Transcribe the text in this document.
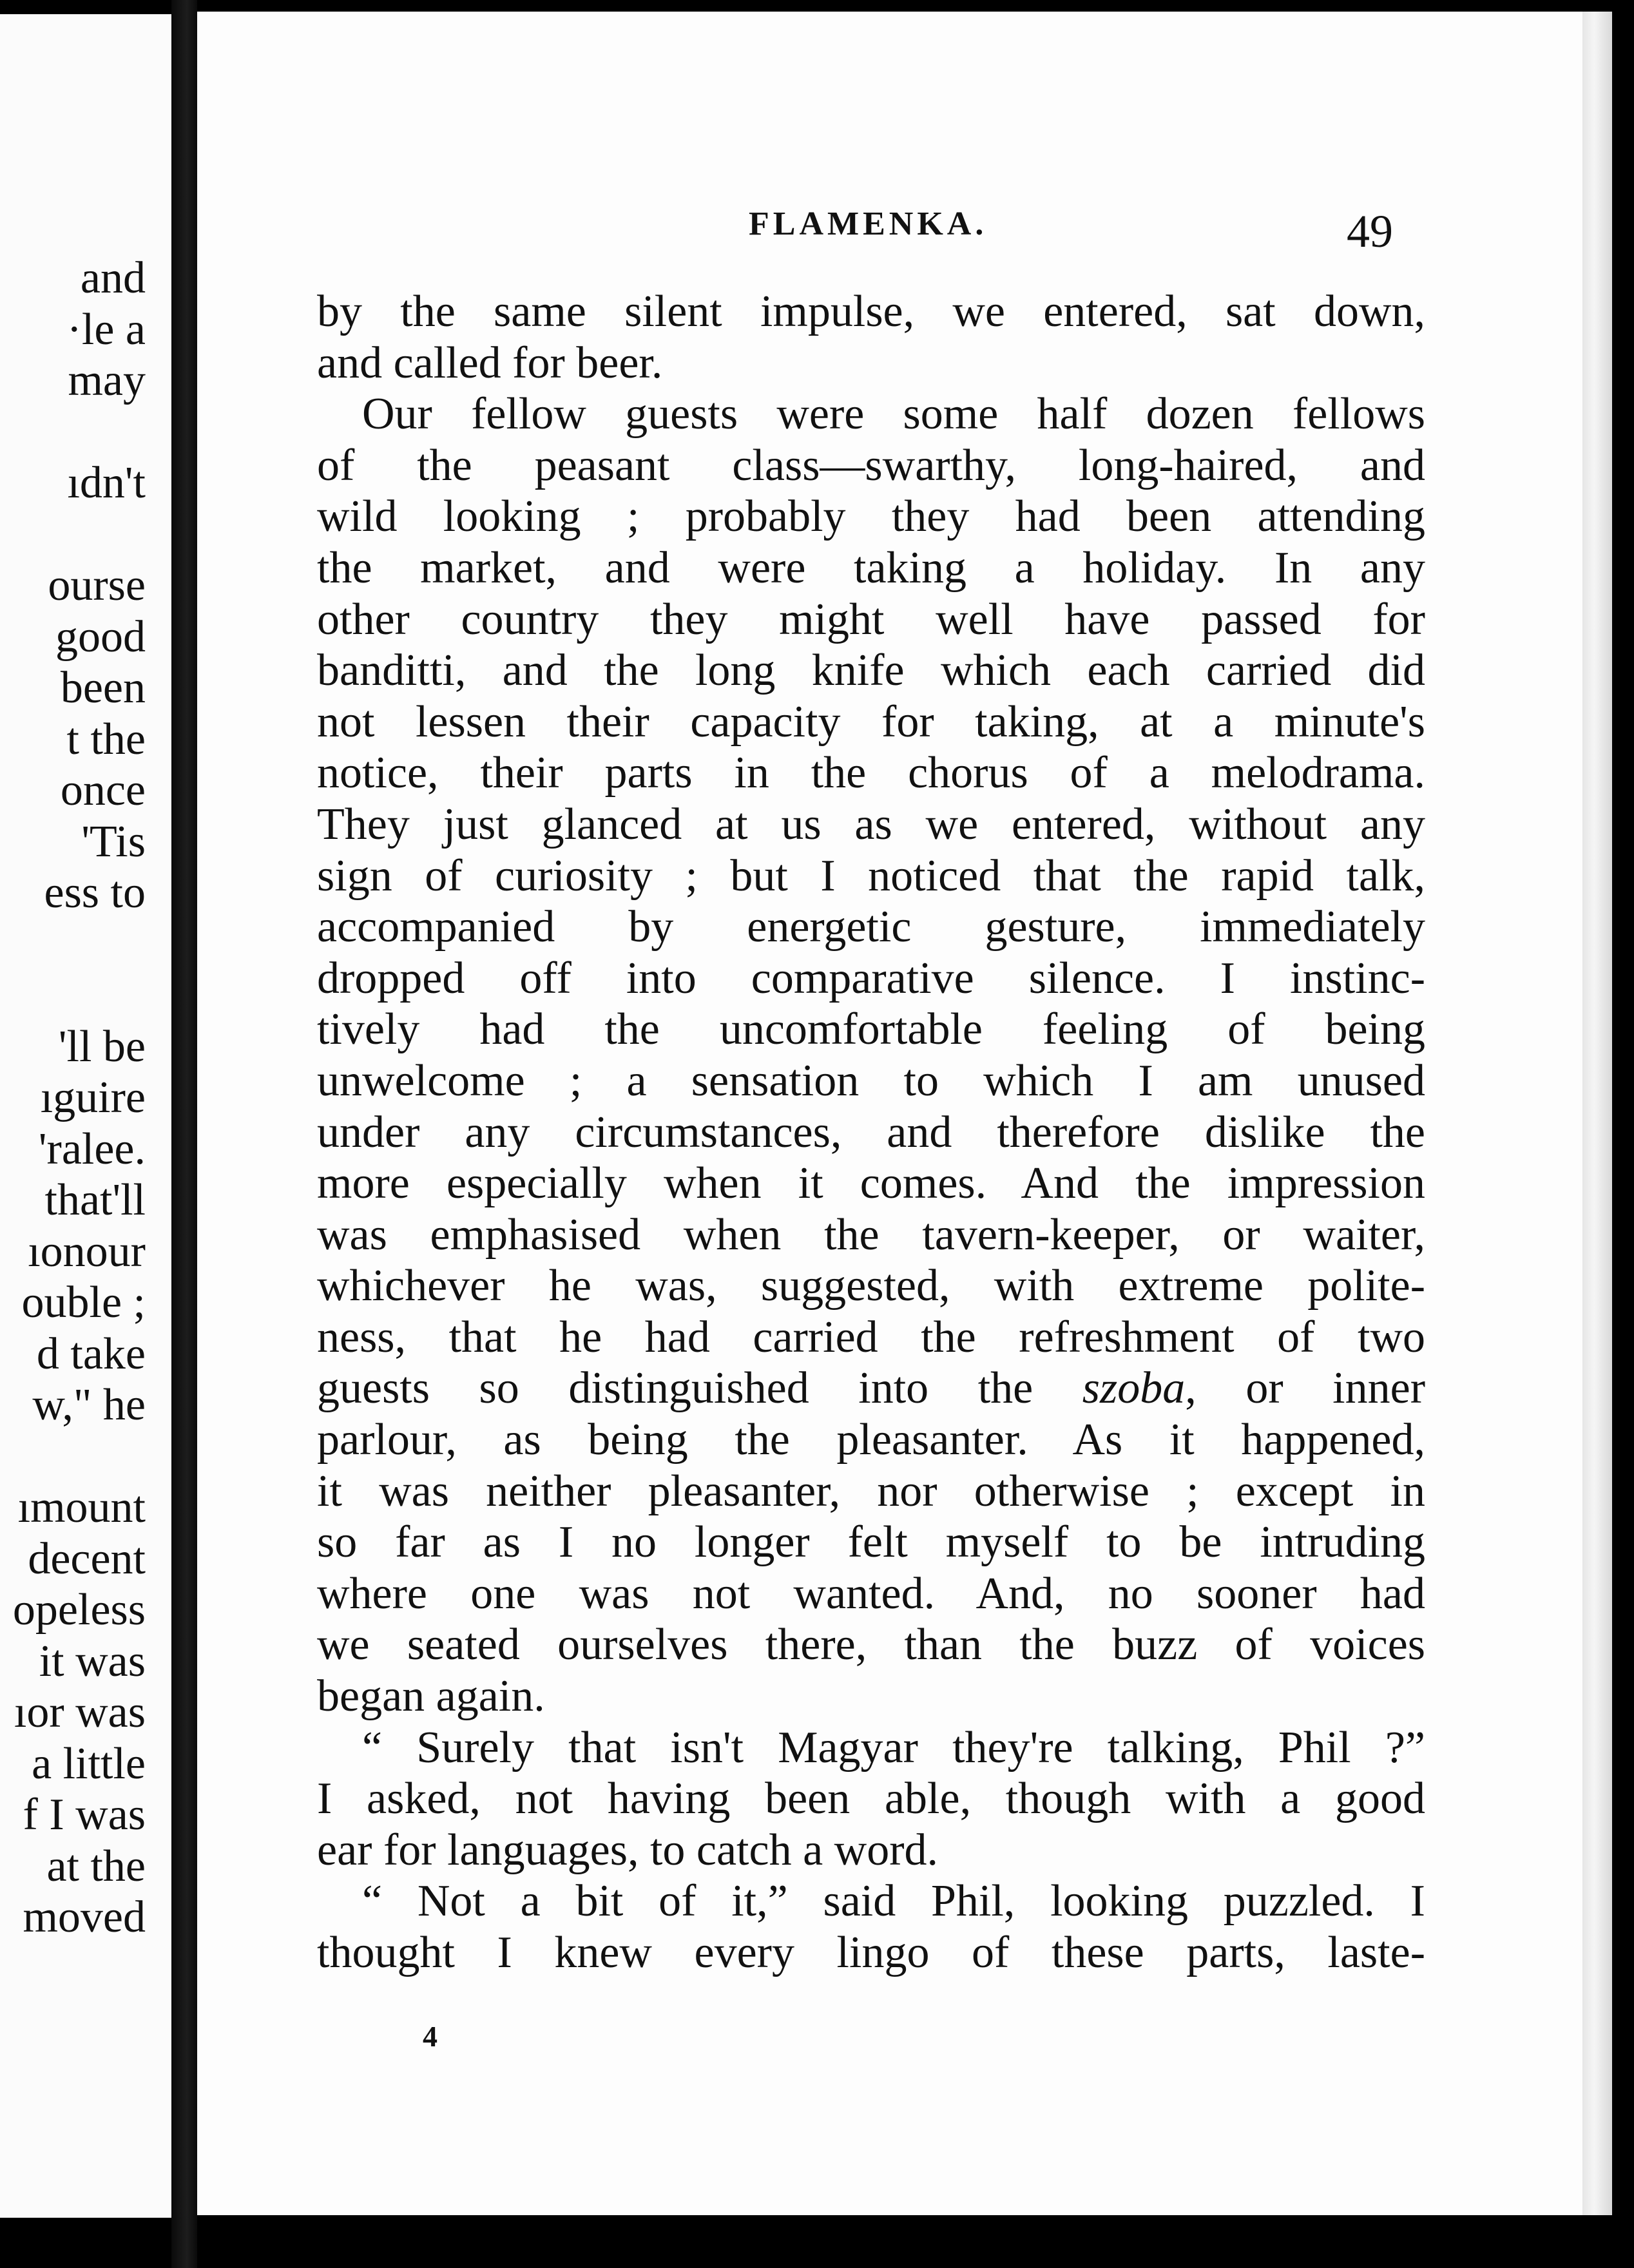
and
·le a
may
ıdn't
ourse
good
been
t the
once
'Tis
ess to
'll be
ıguire
'ralee.
that'll
ıonour
ouble ;
d take
w," he
ımount
decent
opeless
it was
ıor was
a little
f I was
at the
moved
FLAMENKA.	49
by the same silent impulse, we entered, sat down,
and called for beer.
Our fellow guests were some half dozen fellows
of the peasant class—swarthy, long-haired, and
wild looking ; probably they had been attending
the market, and were taking a holiday. In any
other country they might well have passed for
banditti, and the long knife which each carried did
not lessen their capacity for taking, at a minute's
notice, their parts in the chorus of a melodrama.
They just glanced at us as we entered, without any
sign of curiosity ; but I noticed that the rapid talk,
accompanied by energetic gesture, immediately
dropped off into comparative silence. I instinc-
tively had the uncomfortable feeling of being
unwelcome ; a sensation to which I am unused
under any circumstances, and therefore dislike the
more especially when it comes. And the impression
was emphasised when the tavern-keeper, or waiter,
whichever he was, suggested, with extreme polite-
ness, that he had carried the refreshment of two
guests so distinguished into the szoba, or inner
parlour, as being the pleasanter. As it happened,
it was neither pleasanter, nor otherwise ; except in
so far as I no longer felt myself to be intruding
where one was not wanted. And, no sooner had
we seated ourselves there, than the buzz of voices
began again.
“ Surely that isn't Magyar they're talking, Phil ?”
I asked, not having been able, though with a good
ear for languages, to catch a word.
“ Not a bit of it,” said Phil, looking puzzled. I
thought I knew every lingo of these parts, laste-
4
